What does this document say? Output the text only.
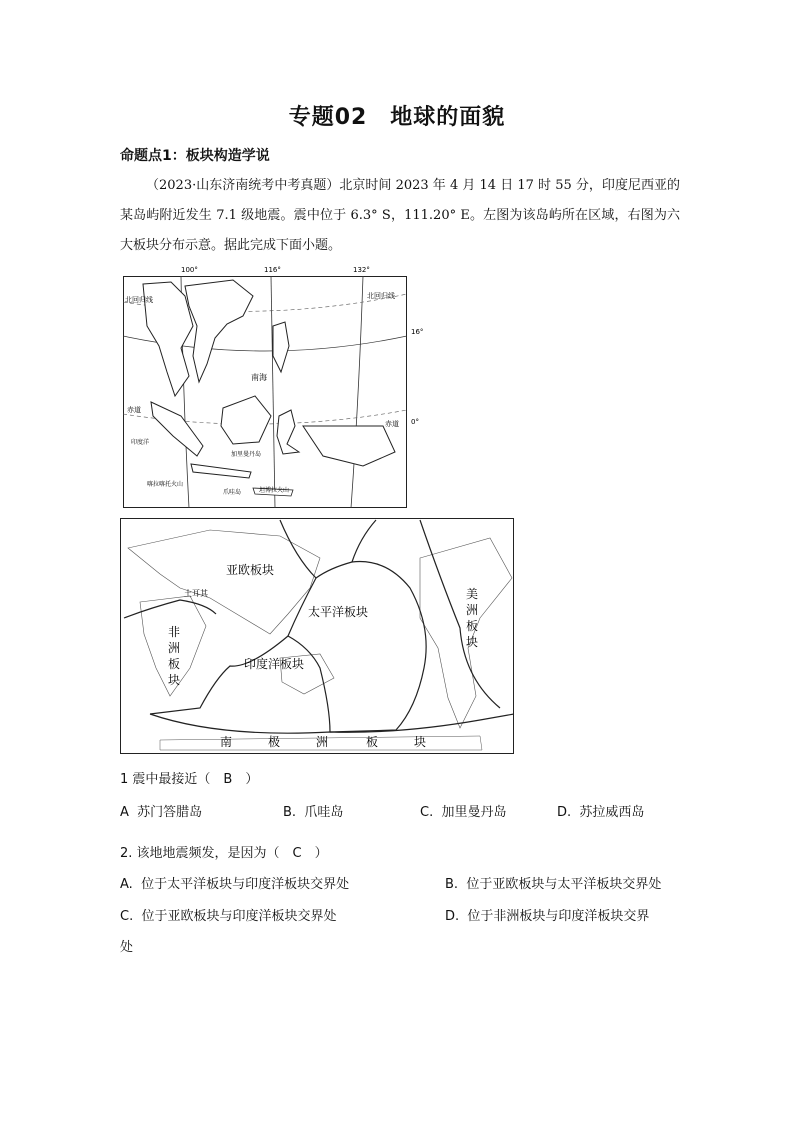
专题02　地球的面貌
命题点1：板块构造学说
（2023·山东济南统考中考真题）北京时间 2023 年 4 月 14 日 17 时 55 分，印度尼西亚的某岛屿附近发生 7.1 级地震。震中位于 6.3° S，111.20° E。左图为该岛屿所在区域，右图为六大板块分布示意。据此完成下面小题。
北回归线	北回归线
赤道
赤道
南海
加里曼丹岛
印度洋
喀拉喀托火山
坦博拉火山
爪哇岛
100°	116°	132°
16°
0°
亚欧板块
太平洋板块
土耳其
非
洲
板
块
印度洋板块
美
洲
板
块
南	极	洲	板	块
1 震中最接近（　B　）
A 苏门答腊岛	B. 爪哇岛	C. 加里曼丹岛	D. 苏拉威西岛
2. 该地地震频发，是因为（　C　）
A. 位于太平洋板块与印度洋板块交界处	B. 位于亚欧板块与太平洋板块交界处
C. 位于亚欧板块与印度洋板块交界处	D. 位于非洲板块与印度洋板块交界
处
